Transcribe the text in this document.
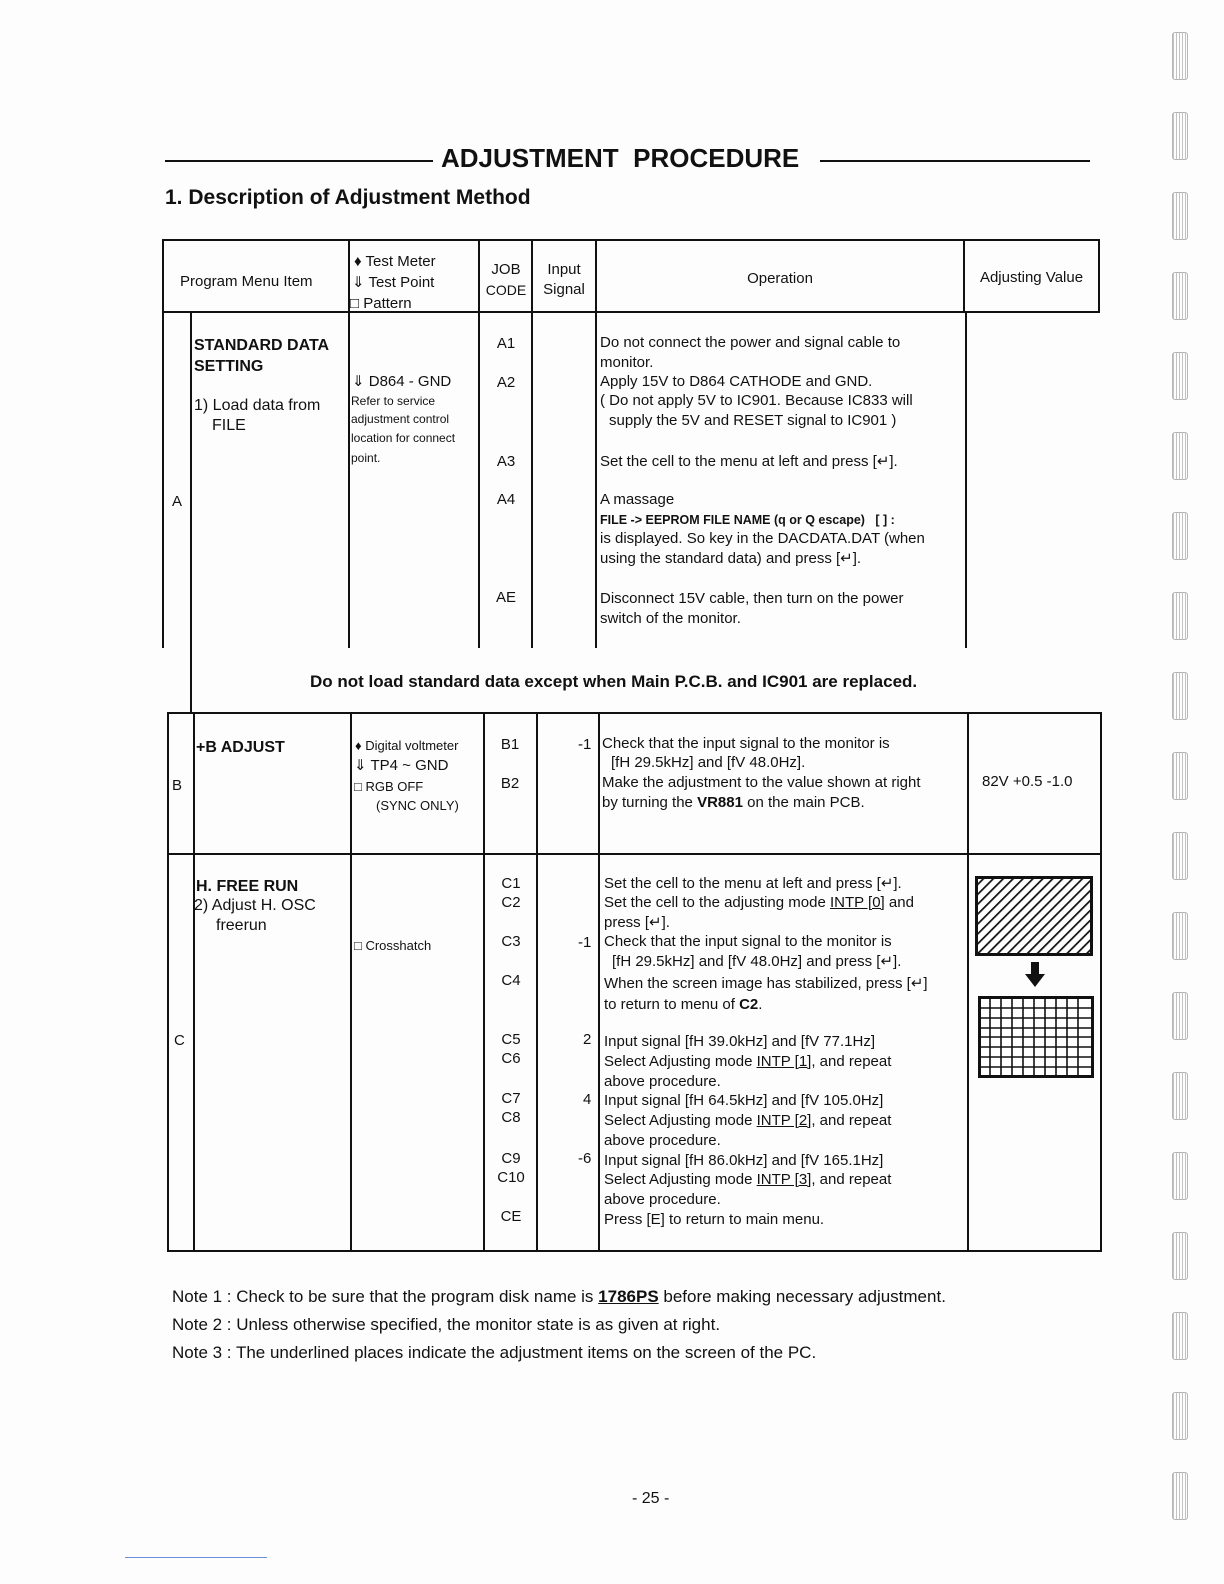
ADJUSTMENT  PROCEDURE
1. Description of Adjustment Method
Program Menu Item
♦ Test Meter
⇓ Test Point
□ Pattern
JOB
CODE
Input
Signal
Operation	Adjusting Value
A
STANDARD DATA
SETTING
1) Load data from
FILE
⇓ D864 - GND
Refer to service
adjustment control
location for connect
point.
A1
A2
A3
A4
AE
Do not connect the power and signal cable to
monitor.
Apply 15V to D864 CATHODE and GND.
( Do not apply 5V to IC901. Because IC833 will
supply the 5V and RESET signal to IC901 )
Set the cell to the menu at left and press [↵].
A massage
FILE -> EEPROM FILE NAME (q or Q escape)   [ ] :
is displayed. So key in the DACDATA.DAT (when
using the standard data) and press [↵].
Disconnect 15V cable, then turn on the power
switch of the monitor.
Do not load standard data except when Main P.C.B. and IC901 are replaced.
B
+B ADJUST	♦ Digital voltmeter
⇓ TP4 ~ GND
□ RGB OFF
(SYNC ONLY)
B1
B2
-1 Check that the input signal to the monitor is
[fH 29.5kHz] and [fV 48.0Hz].
Make the adjustment to the value shown at right
by turning the VR881 on the main PCB.
82V +0.5 -1.0
C
H. FREE RUN
2) Adjust H. OSC
freerun
□ Crosshatch
C1
C2
C3
C4
C5
C6
C7
C8
C9
C10
CE
-1
2
4
-6
Set the cell to the menu at left and press [↵].
Set the cell to the adjusting mode INTP [0] and
press [↵].
Check that the input signal to the monitor is
[fH 29.5kHz] and [fV 48.0Hz] and press [↵].
When the screen image has stabilized, press [↵]
to return to menu of C2.
Input signal [fH 39.0kHz] and [fV 77.1Hz]
Select Adjusting mode INTP [1], and repeat
above procedure.
Input signal [fH 64.5kHz] and [fV 105.0Hz]
Select Adjusting mode INTP [2], and repeat
above procedure.
Input signal [fH 86.0kHz] and [fV 165.1Hz]
Select Adjusting mode INTP [3], and repeat
above procedure.
Press [E] to return to main menu.
Note 1 : Check to be sure that the program disk name is 1786PS before making necessary adjustment.
Note 2 : Unless otherwise specified, the monitor state is as given at right.
Note 3 : The underlined places indicate the adjustment items on the screen of the PC.
- 25 -
